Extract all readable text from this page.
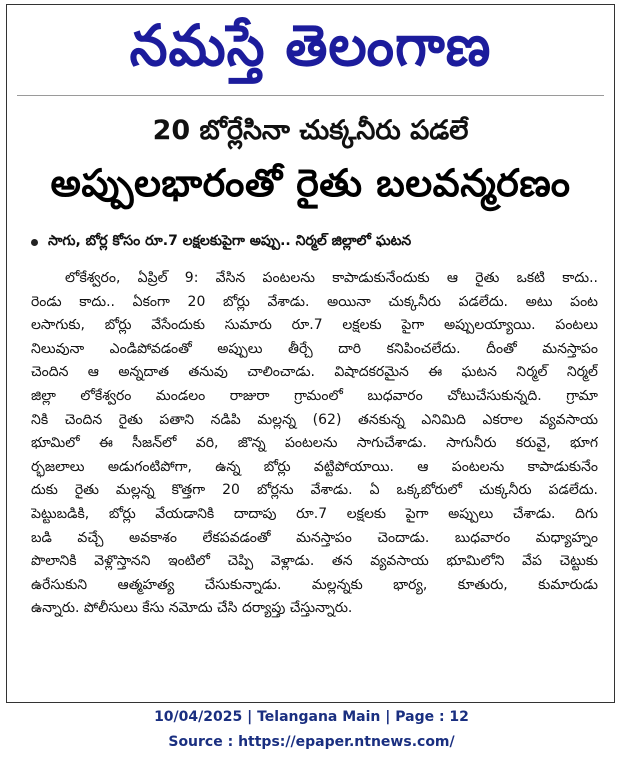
నమస్తే తెలంగాణ
20 బోర్లేసినా చుక్కనీరు పడలే
అప్పులభారంతో రైతు బలవన్మరణం
సాగు, బోర్ల కోసం రూ.7 లక్షలకుపైగా అప్పు.. నిర్మల్ జిల్లాలో ఘటన
లోకేశ్వరం, ఏప్రిల్ 9: వేసిన పంటలను కాపాడుకునేందుకు ఆ రైతు ఒకటి కాదు..
రెండు కాదు.. ఏకంగా 20 బోర్లు వేశాడు. అయినా చుక్కనీరు పడలేదు. అటు పంట
లసాగుకు, బోర్లు వేసేందుకు సుమారు రూ.7 లక్షలకు పైగా అప్పులయ్యాయి. పంటలు
నిలువునా ఎండిపోవడంతో అప్పులు తీర్చే దారి కనిపించలేదు. దీంతో మనస్తాపం
చెందిన ఆ అన్నదాత తనువు చాలించాడు. విషాదకరమైన ఈ ఘటన నిర్మల్ నిర్మల్
జిల్లా లోకేశ్వరం మండలం రాజురా గ్రామంలో బుధవారం చోటుచేసుకున్నది. గ్రామా
నికి చెందిన రైతు పతాని నడిపి మల్లన్న (62) తనకున్న ఎనిమిది ఎకరాల వ్యవసాయ
భూమిలో ఈ సీజన్‌లో వరి, జొన్న పంటలను సాగుచేశాడు. సాగునీరు కరువై, భూగ
ర్భజలాలు అడుగంటిపోగా, ఉన్న బోర్లు వట్టిపోయాయి. ఆ పంటలను కాపాడుకునేం
దుకు రైతు మల్లన్న కొత్తగా 20 బోర్లను వేశాడు. ఏ ఒక్కబోరులో చుక్కనీరు పడలేదు.
పెట్టుబడికి, బోర్లు వేయడానికి దాదాపు రూ.7 లక్షలకు పైగా అప్పులు చేశాడు. దిగు
బడి వచ్చే అవకాశం లేకపవడంతో మనస్తాపం చెందాడు. బుధవారం మధ్యాహ్నం
పొలానికి వెళ్లొస్తానని ఇంటిలో చెప్పి వెళ్లాడు. తన వ్యవసాయ భూమిలోని వేప చెట్టుకు
ఉరేసుకుని ఆత్మహత్య చేసుకున్నాడు. మల్లన్నకు భార్య, కూతురు, కుమారుడు
ఉన్నారు. పోలీసులు కేసు నమోదు చేసి దర్యాప్తు చేస్తున్నారు.
10/04/2025 | Telangana Main | Page : 12
Source : https://epaper.ntnews.com/
